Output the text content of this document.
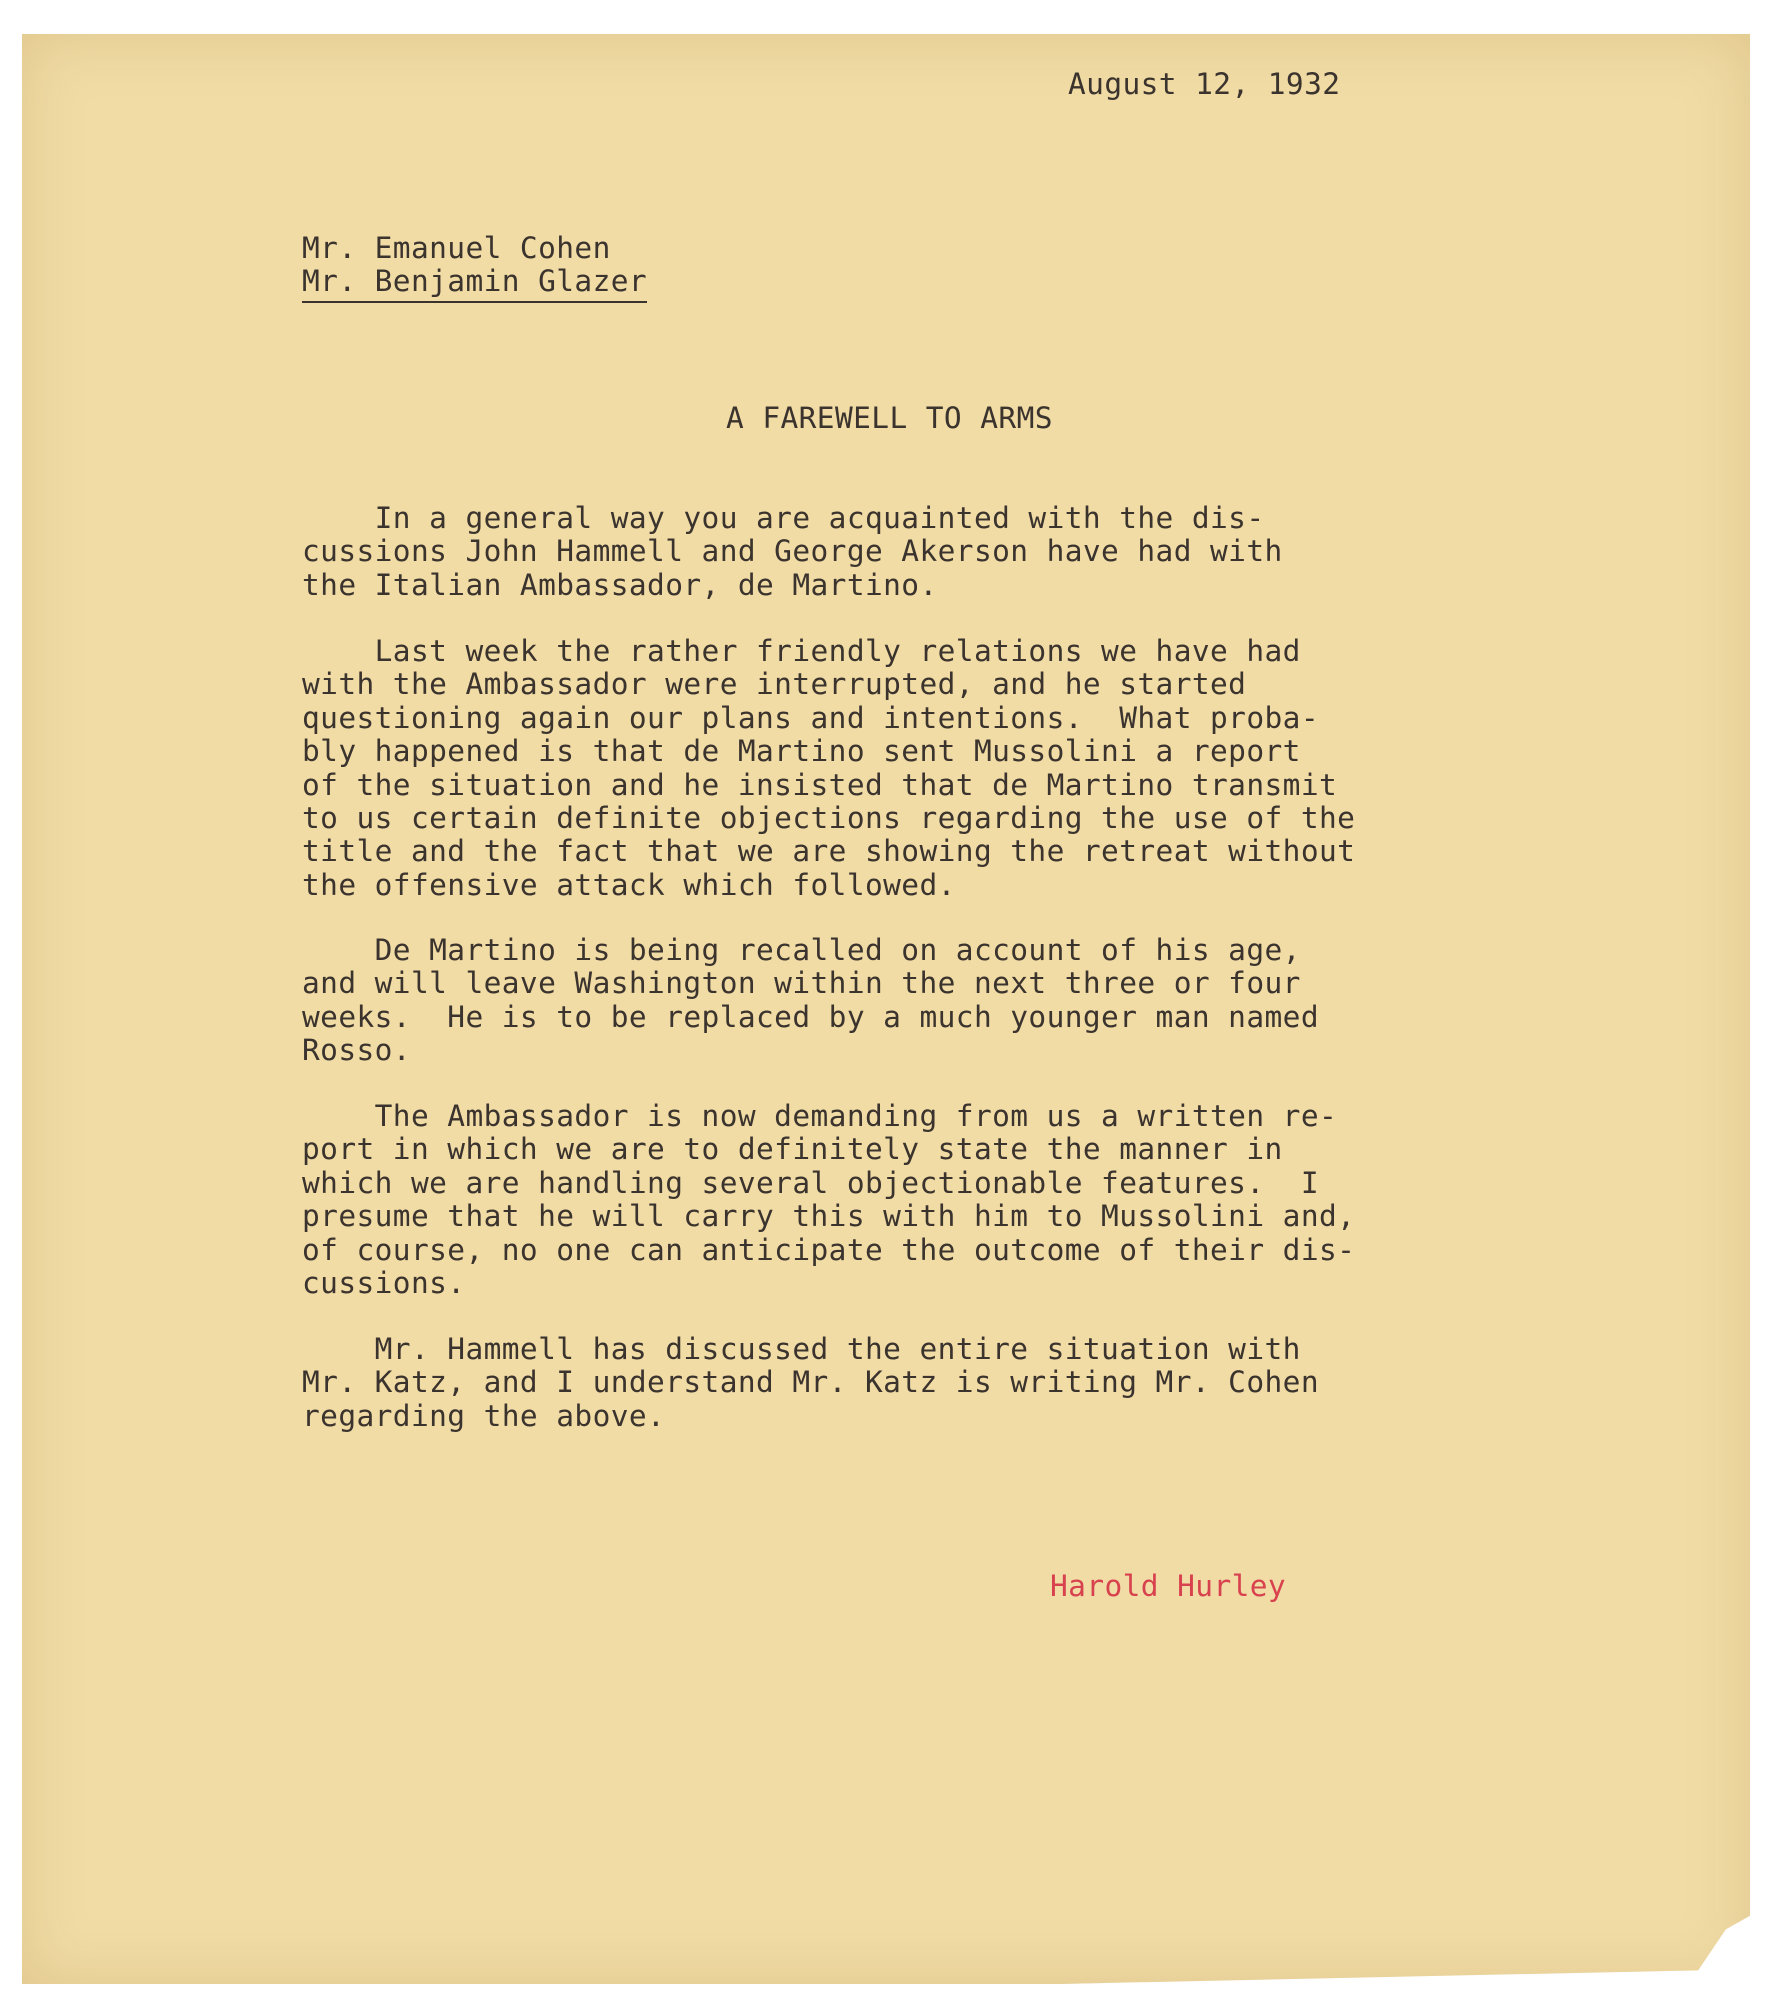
August 12, 1932
Mr. Emanuel Cohen
Mr. Benjamin Glazer
A FAREWELL TO ARMS

In a general way you are acquainted with the dis-
cussions John Hammell and George Akerson have had with
the Italian Ambassador, de Martino.

Last week the rather friendly relations we have had
with the Ambassador were interrupted, and he started
questioning again our plans and intentions.  What proba-
bly happened is that de Martino sent Mussolini a report
of the situation and he insisted that de Martino transmit
to us certain definite objections regarding the use of the
title and the fact that we are showing the retreat without
the offensive attack which followed.

De Martino is being recalled on account of his age,
and will leave Washington within the next three or four
weeks.  He is to be replaced by a much younger man named
Rosso.

The Ambassador is now demanding from us a written re-
port in which we are to definitely state the manner in
which we are handling several objectionable features.  I
presume that he will carry this with him to Mussolini and,
of course, no one can anticipate the outcome of their dis-
cussions.

Mr. Hammell has discussed the entire situation with
Mr. Katz, and I understand Mr. Katz is writing Mr. Cohen
regarding the above.

Harold Hurley
